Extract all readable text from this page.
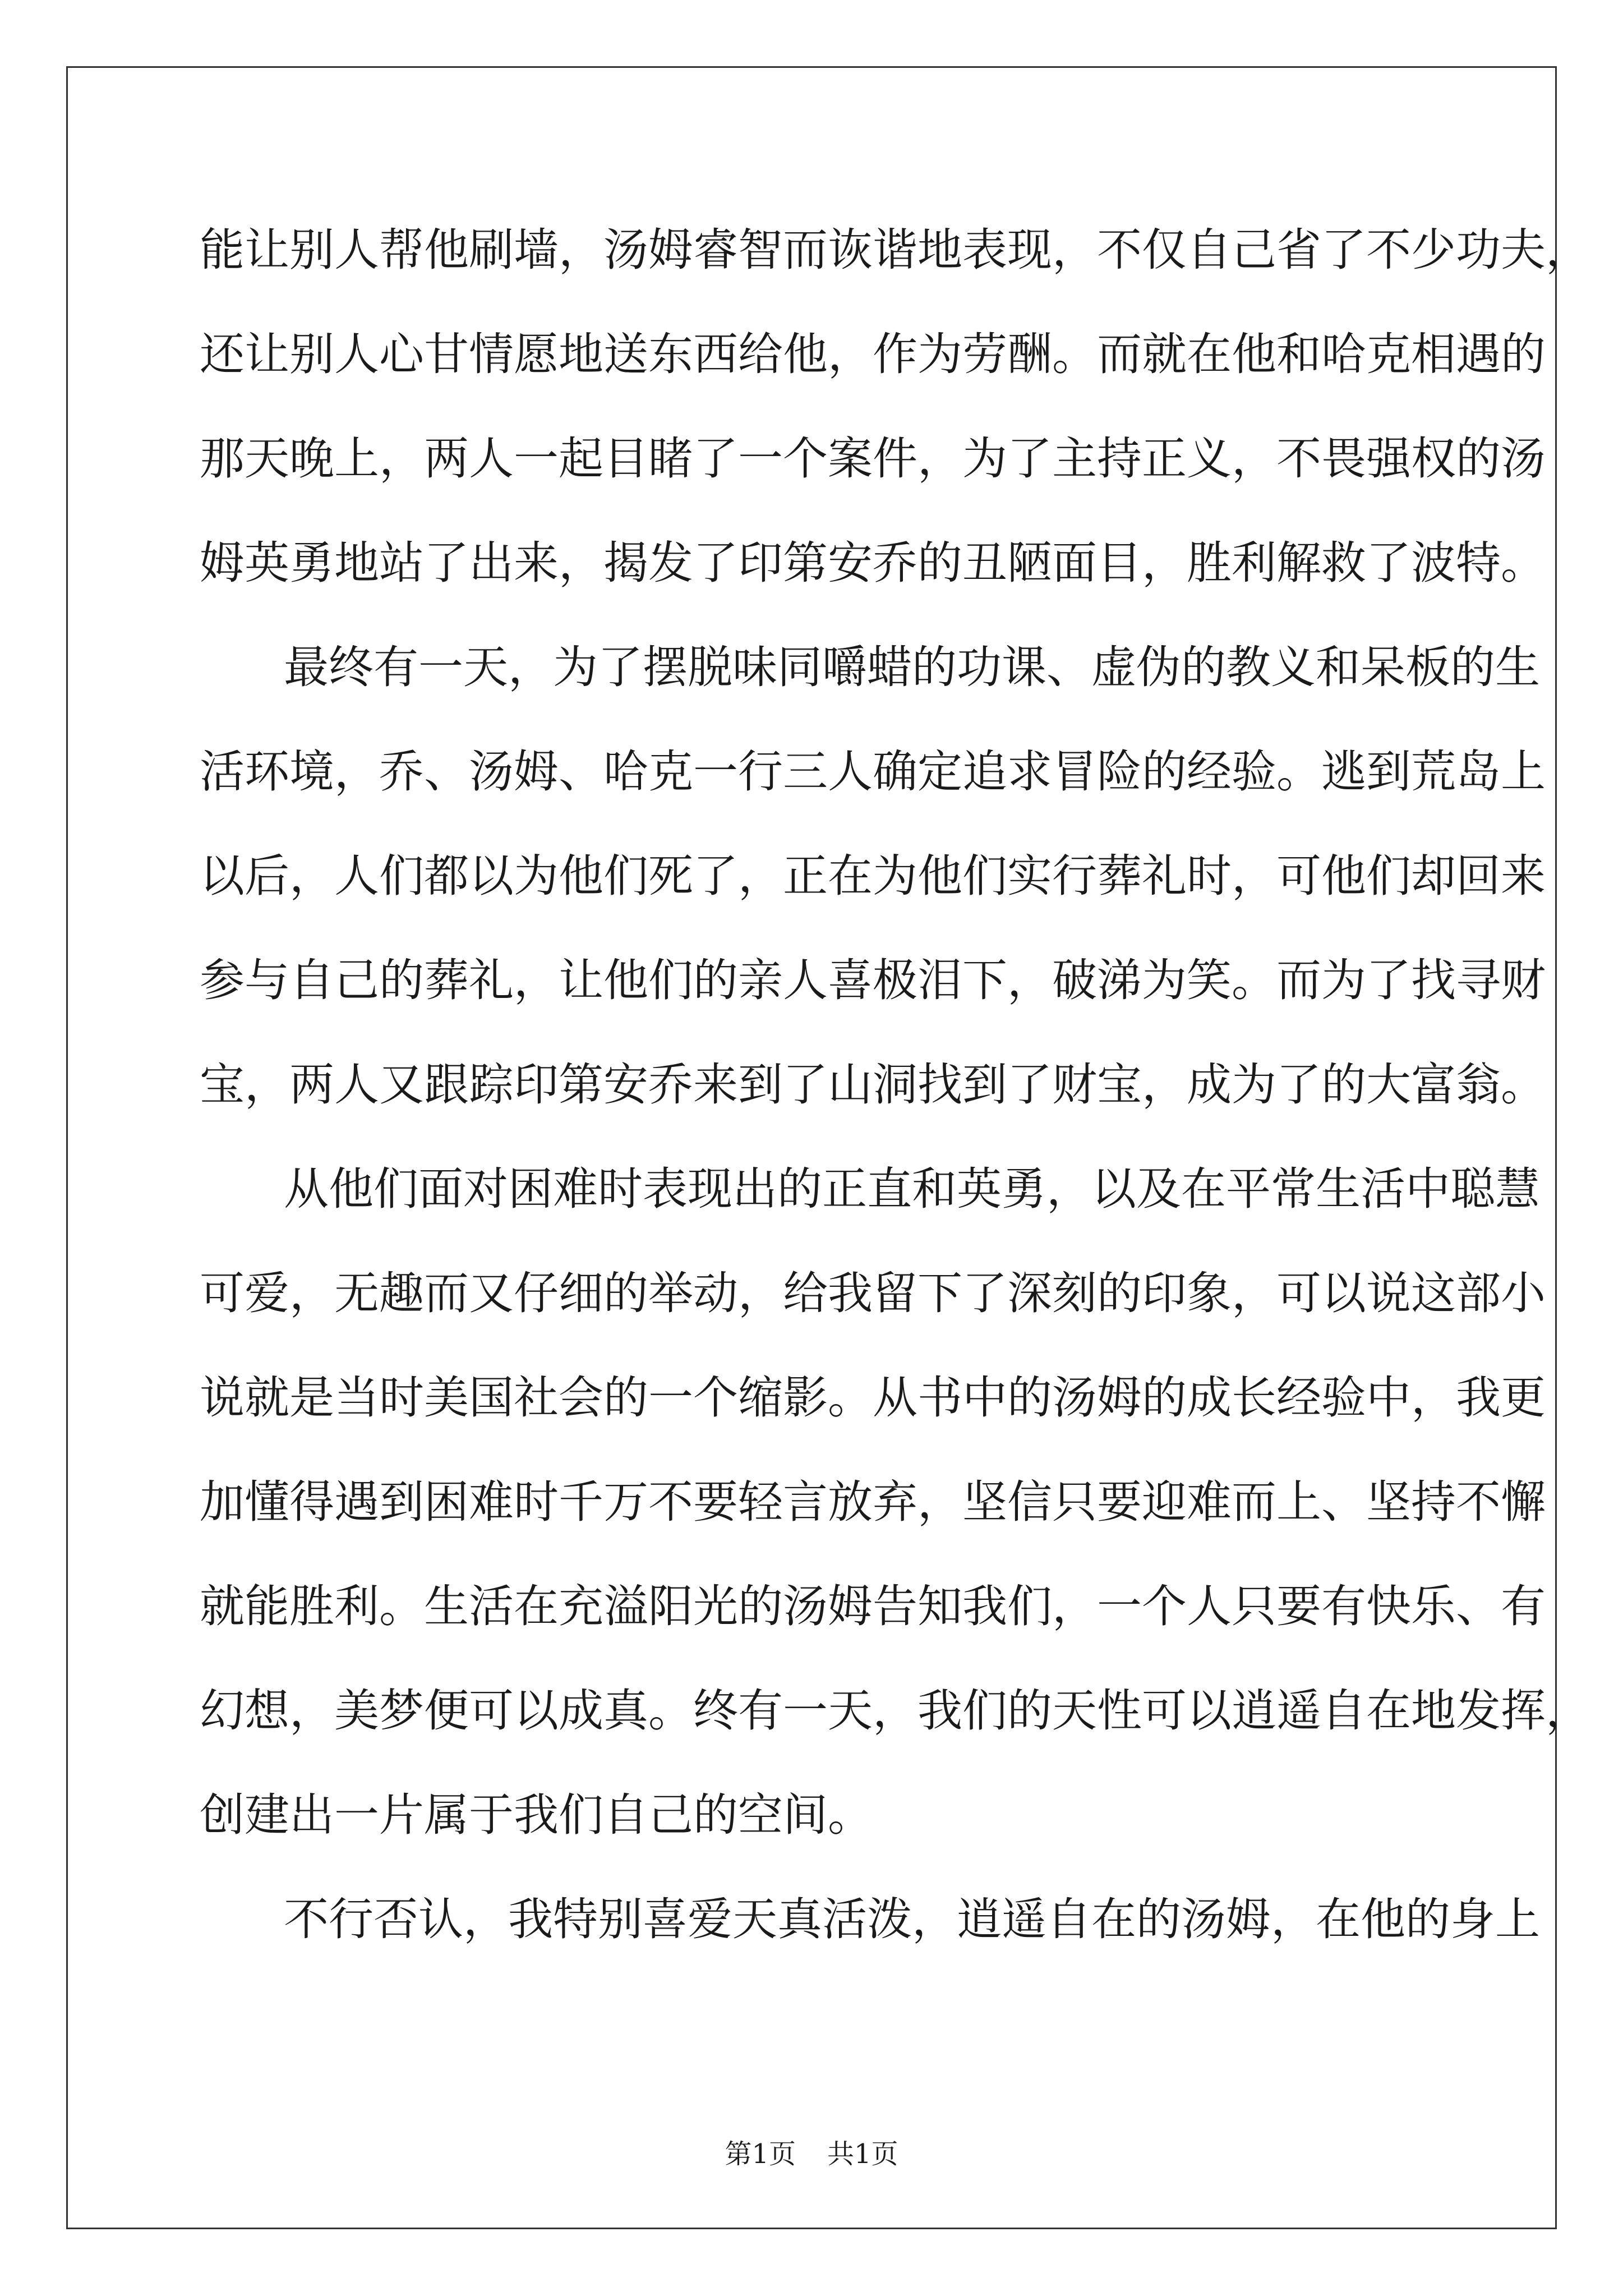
能让别人帮他刷墙，汤姆睿智而诙谐地表现，不仅自己省了不少功夫，
还让别人心甘情愿地送东西给他，作为劳酬。而就在他和哈克相遇的
那天晚上，两人一起目睹了一个案件，为了主持正义，不畏强权的汤
姆英勇地站了出来，揭发了印第安乔的丑陋面目，胜利解救了波特。
最终有一天，为了摆脱味同嚼蜡的功课、虚伪的教义和呆板的生
活环境，乔、汤姆、哈克一行三人确定追求冒险的经验。逃到荒岛上
以后，人们都以为他们死了，正在为他们实行葬礼时，可他们却回来
参与自己的葬礼，让他们的亲人喜极泪下，破涕为笑。而为了找寻财
宝，两人又跟踪印第安乔来到了山洞找到了财宝，成为了的大富翁。
从他们面对困难时表现出的正直和英勇，以及在平常生活中聪慧
可爱，无趣而又仔细的举动，给我留下了深刻的印象，可以说这部小
说就是当时美国社会的一个缩影。从书中的汤姆的成长经验中，我更
加懂得遇到困难时千万不要轻言放弃，坚信只要迎难而上、坚持不懈
就能胜利。生活在充溢阳光的汤姆告知我们，一个人只要有快乐、有
幻想，美梦便可以成真。终有一天，我们的天性可以逍遥自在地发挥，
创建出一片属于我们自己的空间。
不行否认，我特别喜爱天真活泼，逍遥自在的汤姆，在他的身上
第1页 共1页
